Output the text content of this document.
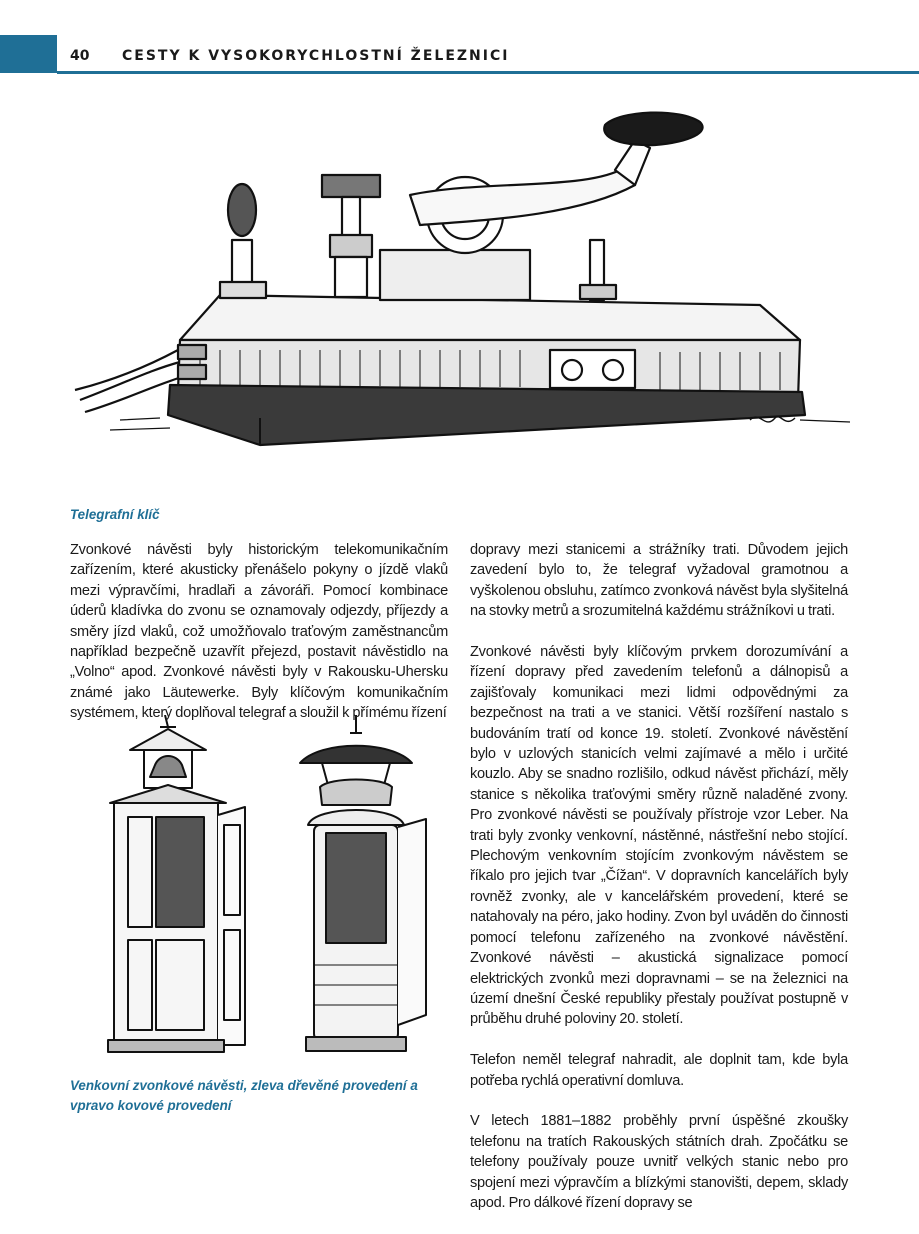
40 CESTY K VYSOKORYCHLOSTNÍ ŽELEZNICI
Telegrafní klíč
Venkovní zvonkové návěsti, zleva dřevěné provedení a vpravo kovové provedení

Zvonkové návěsti byly historickým telekomunikačním zařízením, které akusticky přenášelo pokyny o jízdě vlaků mezi výpravčími, hradlaři a závoráři. Pomocí kombinace úderů kladívka do zvonu se oznamovaly odjezdy, příjezdy a směry jízd vlaků, což umožňovalo traťovým zaměstnancům například bezpečně uzavřít přejezd, postavit návěstidlo na „Volno“ apod. Zvonkové návěsti byly v Rakousku-Uhersku známé jako Läutewerke. Byly klíčovým komunikačním systémem, který doplňoval telegraf a sloužil k přímému řízení

dopravy mezi stanicemi a strážníky trati. Důvodem jejich zavedení bylo to, že telegraf vyžadoval gramotnou a vyškolenou obsluhu, zatímco zvonková návěst byla slyšitelná na stovky metrů a srozumitelná každému strážníkovi u trati.

Zvonkové návěsti byly klíčovým prvkem dorozumívání a řízení dopravy před zavedením telefonů a dálnopisů a zajišťovaly komunikaci mezi lidmi odpovědnými za bezpečnost na trati a ve stanici. Větší rozšíření nastalo s budováním tratí od konce 19. století. Zvonkové návěstění bylo v uzlových stanicích velmi zajímavé a mělo i určité kouzlo. Aby se snadno rozlišilo, odkud návěst přichází, měly stanice s několika traťovými směry různě naladěné zvony. Pro zvonkové návěsti se používaly přístroje vzor Leber. Na trati byly zvonky venkovní, nástěnné, nástřešní nebo stojící. Plechovým venkovním stojícím zvonkovým návěstem se říkalo pro jejich tvar „Čížan“. V dopravních kancelářích byly rovněž zvonky, ale v kancelářském provedení, které se natahovaly na péro, jako hodiny. Zvon byl uváděn do činnosti pomocí telefonu zařízeného na zvonkové návěstění. Zvonkové návěsti – akustická signalizace pomocí elektrických zvonků mezi dopravnami – se na železnici na území dnešní České republiky přestaly používat postupně v průběhu druhé poloviny 20. století.

Telefon neměl telegraf nahradit, ale doplnit tam, kde byla potřeba rychlá operativní domluva.

V letech 1881–1882 proběhly první úspěšné zkoušky telefonu na tratích Rakouských státních drah. Zpočátku se telefony používaly pouze uvnitř velkých stanic nebo pro spojení mezi výpravčím a blízkými stanovišti, depem, sklady apod. Pro dálkové řízení dopravy se
